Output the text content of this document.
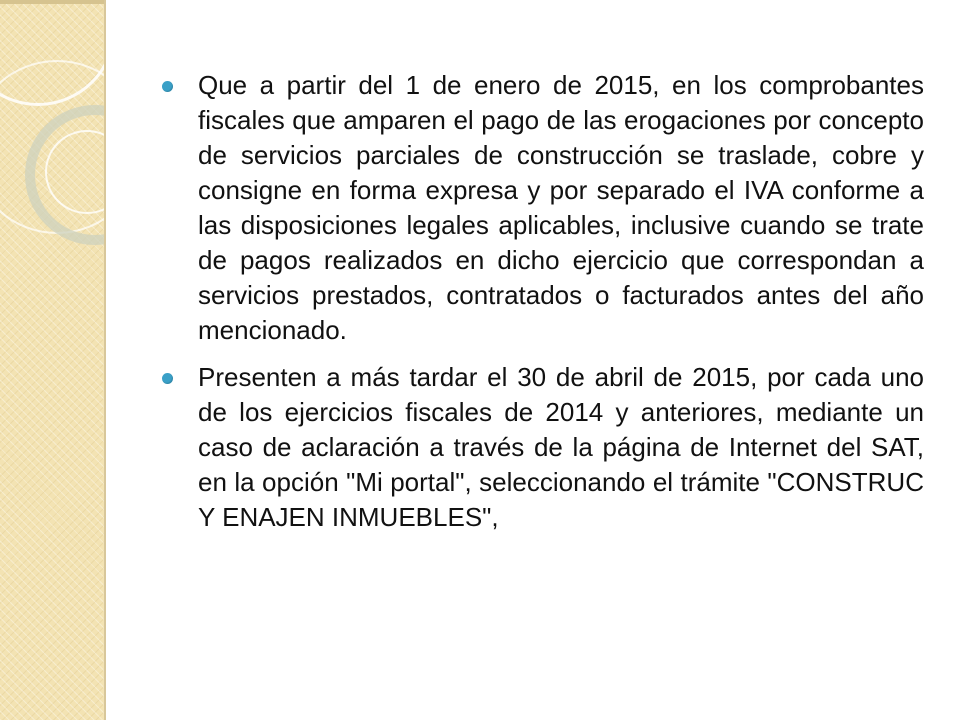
Que a partir del 1 de enero de 2015, en los comprobantes fiscales que amparen el pago de las erogaciones por concepto de servicios parciales de construcción se traslade, cobre y consigne en forma expresa y por separado el IVA conforme a las disposiciones legales aplicables, inclusive cuando se trate de pagos realizados en dicho ejercicio que correspondan a servicios prestados, contratados o facturados antes del año mencionado.

Presenten a más tardar el 30 de abril de 2015, por cada uno de los ejercicios fiscales de 2014 y anteriores, mediante un caso de aclaración a través de la página de Internet del SAT, en la opción "Mi portal", seleccionando el trámite "CONSTRUC Y ENAJEN INMUEBLES",
